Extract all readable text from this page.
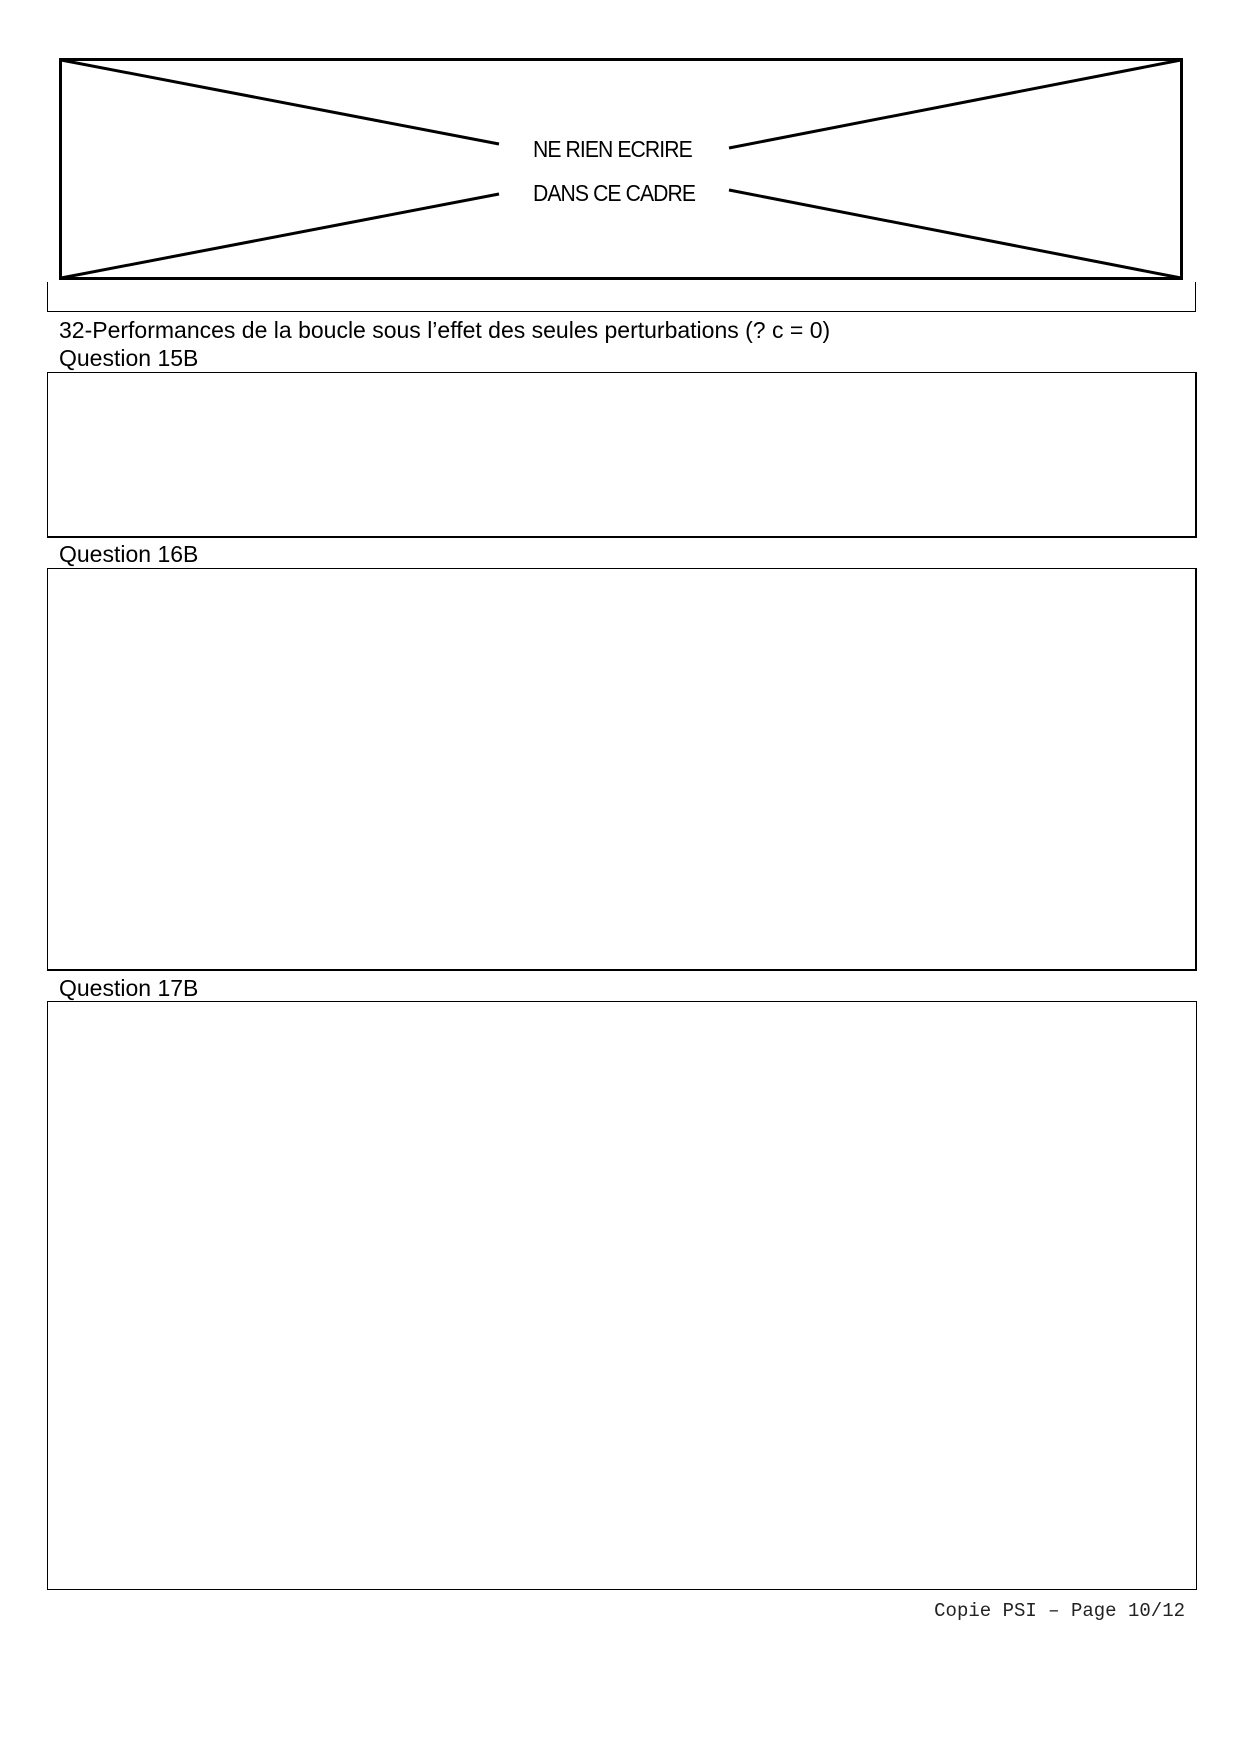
NE RIEN ECRIRE
DANS CE CADRE
32-Performances de la boucle sous l’effet des seules perturbations (? c = 0)
Question 15B
Question 16B
Question 17B
Copie PSI – Page 10/12
